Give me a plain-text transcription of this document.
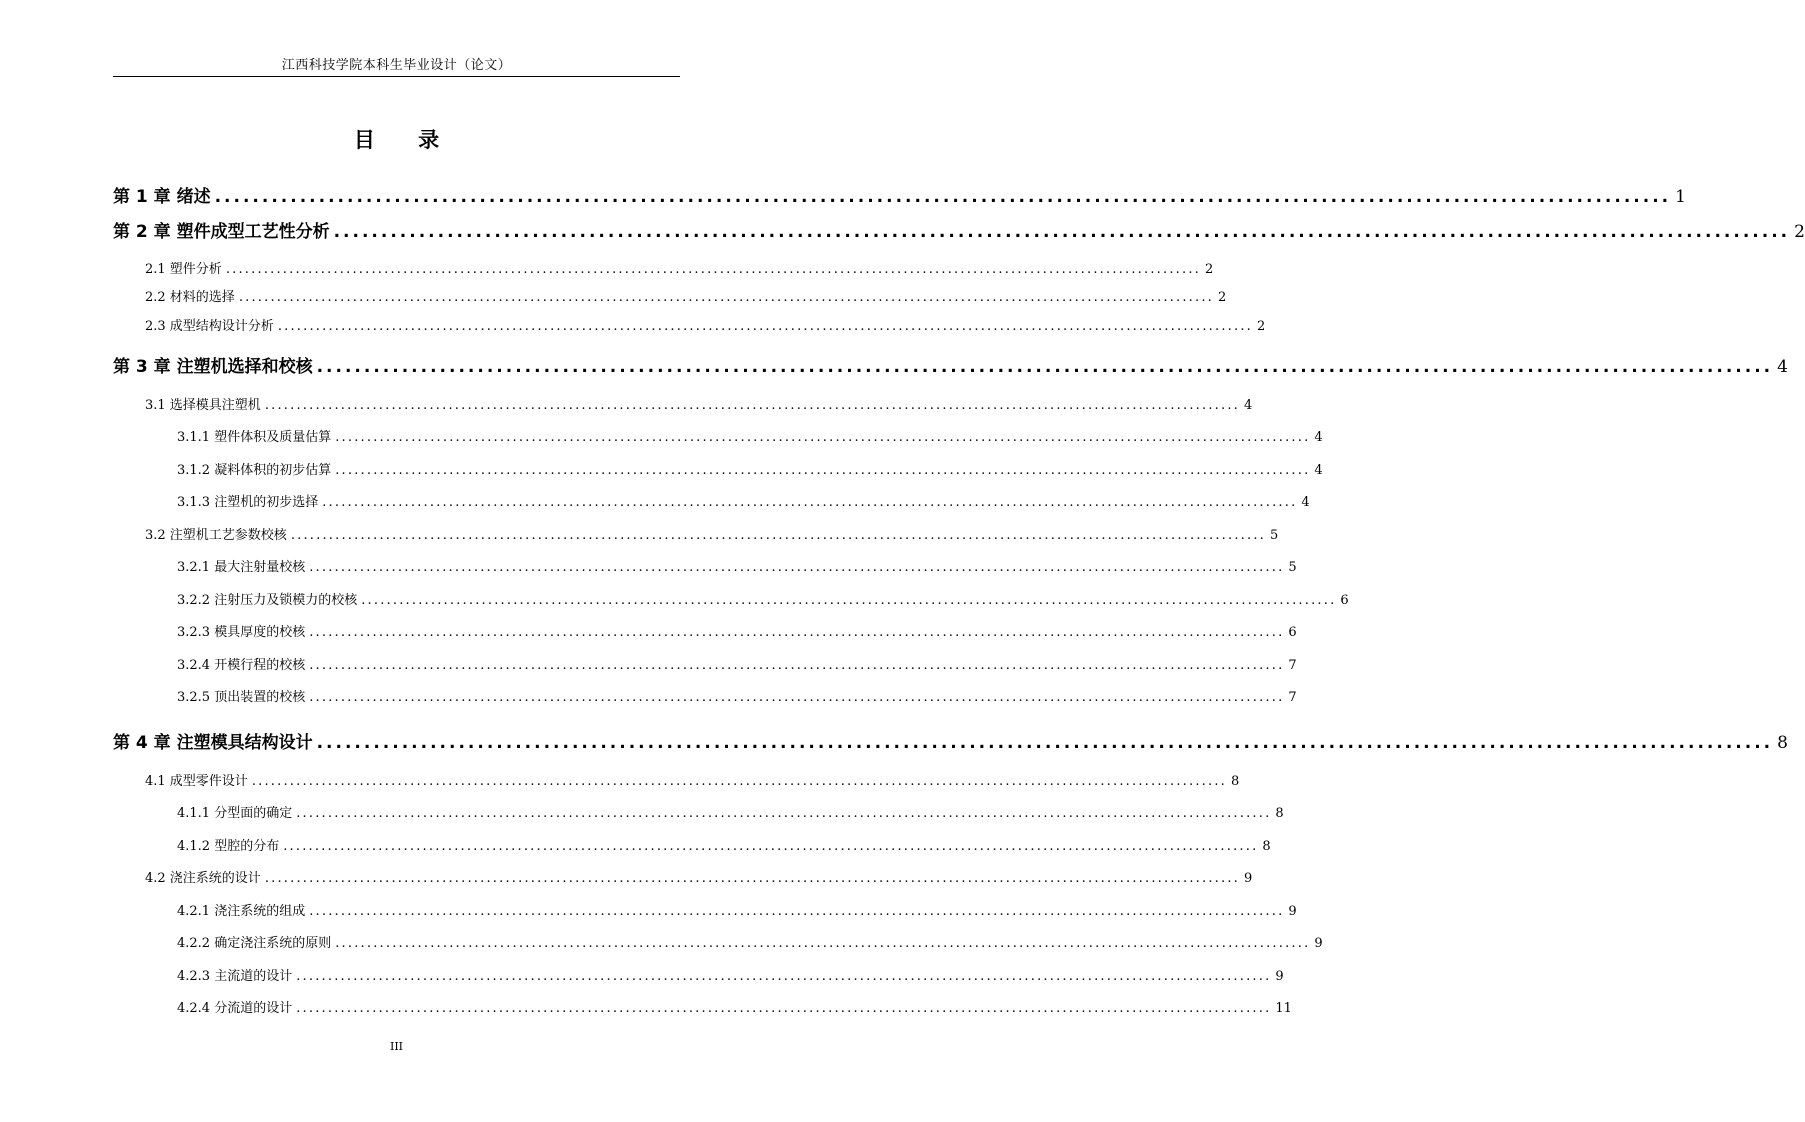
江西科技学院本科生毕业设计（论文）
目 录
第 1 章 绪述 .......................................................................................................................................................... 1
第 2 章 塑件成型工艺性分析 .......................................................................................................................................................... 2
2.1 塑件分析 .......................................................................................................................................................... 2
2.2 材料的选择 .......................................................................................................................................................... 2
2.3 成型结构设计分析 .......................................................................................................................................................... 2
第 3 章 注塑机选择和校核 .......................................................................................................................................................... 4
3.1 选择模具注塑机 .......................................................................................................................................................... 4
3.1.1 塑件体积及质量估算 .......................................................................................................................................................... 4
3.1.2 凝料体积的初步估算 .......................................................................................................................................................... 4
3.1.3 注塑机的初步选择 .......................................................................................................................................................... 4
3.2 注塑机工艺参数校核 .......................................................................................................................................................... 5
3.2.1 最大注射量校核 .......................................................................................................................................................... 5
3.2.2 注射压力及锁模力的校核 .......................................................................................................................................................... 6
3.2.3 模具厚度的校核 .......................................................................................................................................................... 6
3.2.4 开模行程的校核 .......................................................................................................................................................... 7
3.2.5 顶出装置的校核 .......................................................................................................................................................... 7
第 4 章 注塑模具结构设计 .......................................................................................................................................................... 8
4.1 成型零件设计 .......................................................................................................................................................... 8
4.1.1 分型面的确定 .......................................................................................................................................................... 8
4.1.2 型腔的分布 .......................................................................................................................................................... 8
4.2 浇注系统的设计 .......................................................................................................................................................... 9
4.2.1 浇注系统的组成 .......................................................................................................................................................... 9
4.2.2 确定浇注系统的原则 .......................................................................................................................................................... 9
4.2.3 主流道的设计 .......................................................................................................................................................... 9
4.2.4 分流道的设计 .......................................................................................................................................................... 11
III
